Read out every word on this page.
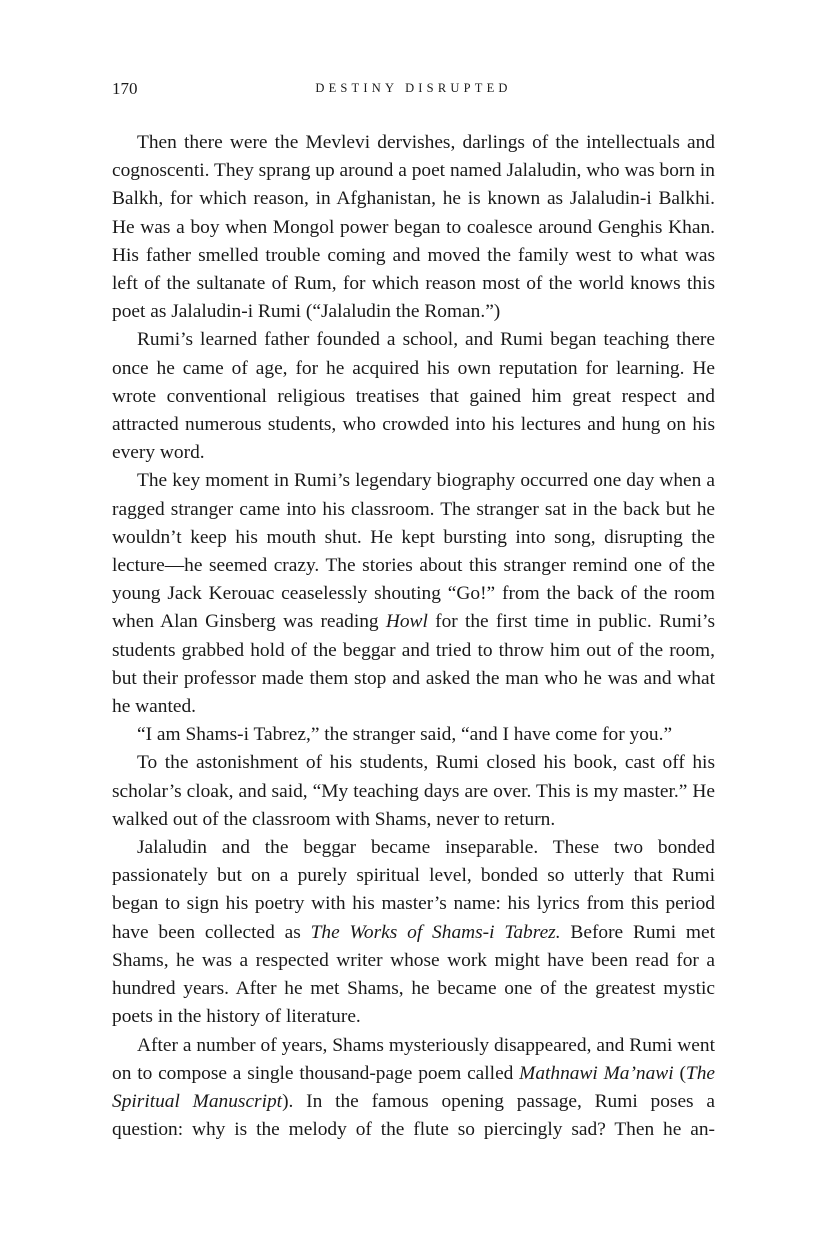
170	DESTINY DISRUPTED

Then there were the Mevlevi dervishes, darlings of the intellectuals and cognoscenti. They sprang up around a poet named Jalaludin, who was born in Balkh, for which reason, in Afghanistan, he is known as Jalaludin-i Balkhi. He was a boy when Mongol power began to coalesce around Genghis Khan. His father smelled trouble coming and moved the family west to what was left of the sultanate of Rum, for which reason most of the world knows this poet as Jalaludin-i Rumi (“Jalaludin the Roman.”)

Rumi’s learned father founded a school, and Rumi began teaching there once he came of age, for he acquired his own reputation for learning. He wrote conventional religious treatises that gained him great respect and attracted numerous students, who crowded into his lectures and hung on his every word.

The key moment in Rumi’s legendary biography occurred one day when a ragged stranger came into his classroom. The stranger sat in the back but he wouldn’t keep his mouth shut. He kept bursting into song, disrupting the lecture—he seemed crazy. The stories about this stranger remind one of the young Jack Kerouac ceaselessly shouting “Go!” from the back of the room when Alan Ginsberg was reading Howl for the first time in public. Rumi’s students grabbed hold of the beggar and tried to throw him out of the room, but their professor made them stop and asked the man who he was and what he wanted.

“I am Shams-i Tabrez,” the stranger said, “and I have come for you.”

To the astonishment of his students, Rumi closed his book, cast off his scholar’s cloak, and said, “My teaching days are over. This is my master.” He walked out of the classroom with Shams, never to return.

Jalaludin and the beggar became inseparable. These two bonded passionately but on a purely spiritual level, bonded so utterly that Rumi began to sign his poetry with his master’s name: his lyrics from this period have been collected as The Works of Shams-i Tabrez. Before Rumi met Shams, he was a respected writer whose work might have been read for a hundred years. After he met Shams, he became one of the greatest mystic poets in the history of literature.

After a number of years, Shams mysteriously disappeared, and Rumi went on to compose a single thousand-page poem called Mathnawi Ma’nawi (The Spiritual Manuscript). In the famous opening passage, Rumi poses a question: why is the melody of the flute so piercingly sad? Then he an-
